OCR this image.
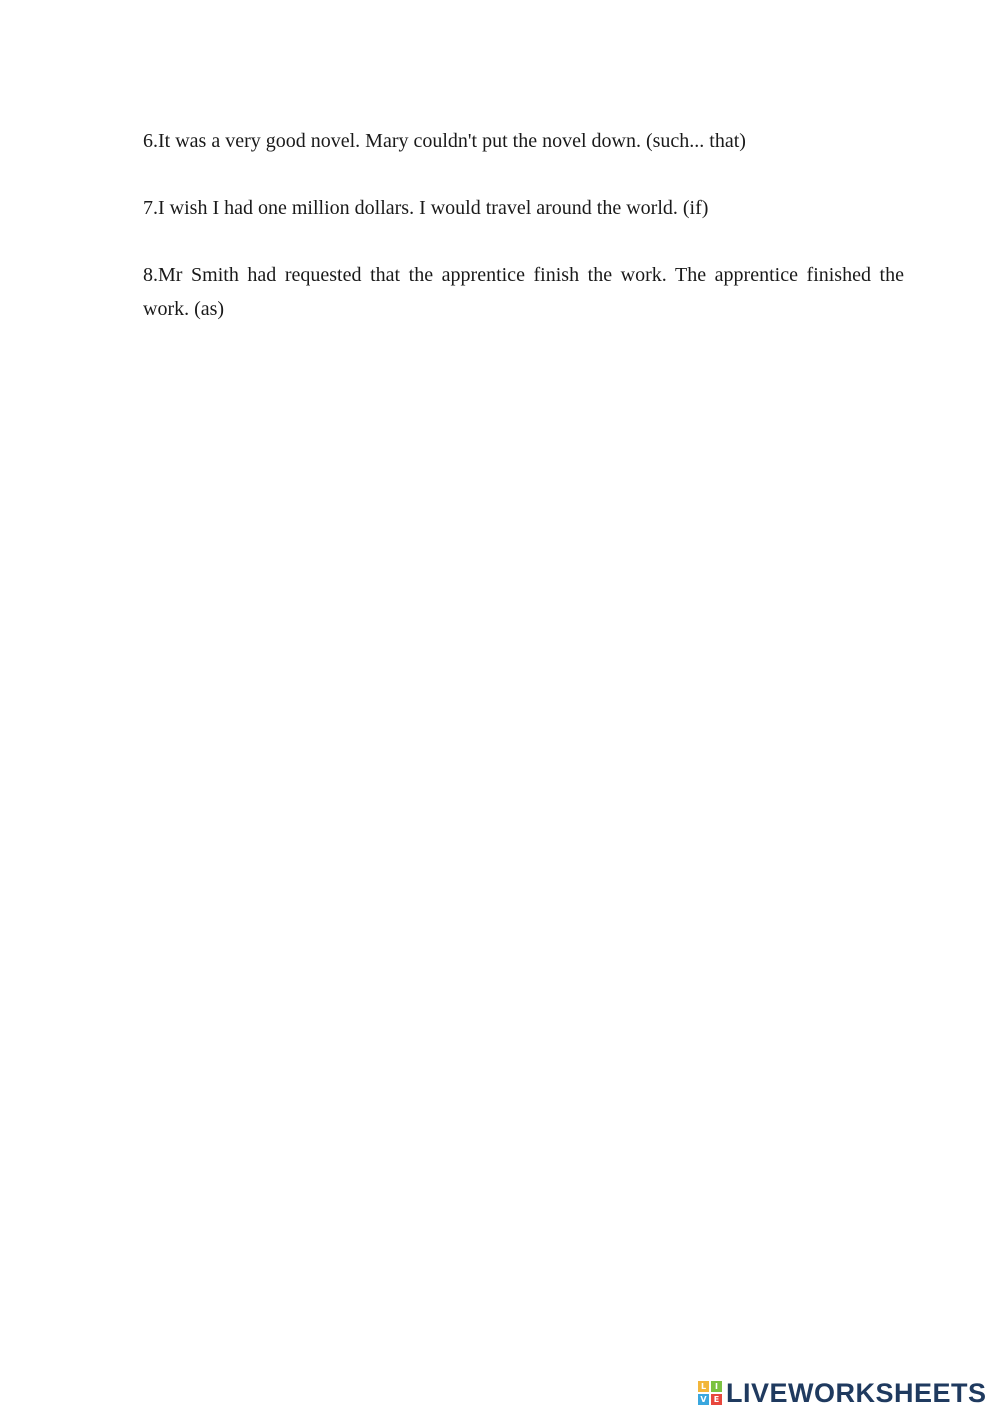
6.It was a very good novel. Mary couldn't put the novel down. (such... that)

7.I wish I had one million dollars. I would travel around the world. (if)

8.Mr Smith had requested that the apprentice finish the work. The apprentice finished the work. (as)

L	I
V E LIVEWORKSHEETS
